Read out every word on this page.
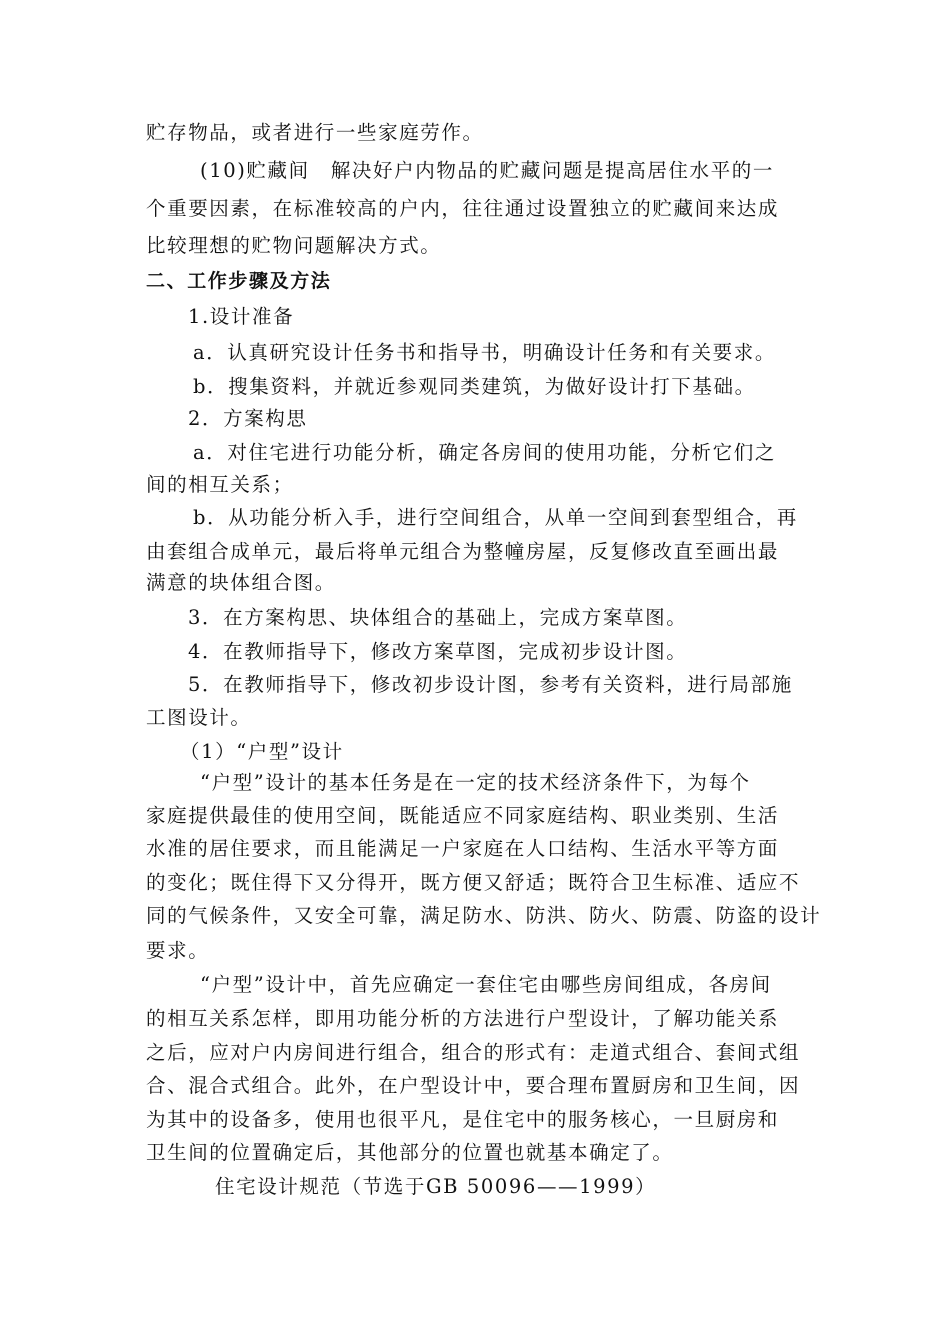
贮存物品，或者进行一些家庭劳作。
(10)贮藏间　解决好户内物品的贮藏问题是提高居住水平的一
个重要因素，在标准较高的户内，往往通过设置独立的贮藏间来达成
比较理想的贮物问题解决方式。
二、工作步骤及方法
1.设计准备
a．认真研究设计任务书和指导书，明确设计任务和有关要求。
b．搜集资料，并就近参观同类建筑，为做好设计打下基础。
2．方案构思
a．对住宅进行功能分析，确定各房间的使用功能，分析它们之
间的相互关系；
b．从功能分析入手，进行空间组合，从单一空间到套型组合，再
由套组合成单元，最后将单元组合为整幢房屋，反复修改直至画出最
满意的块体组合图。
3．在方案构思、块体组合的基础上，完成方案草图。
4．在教师指导下，修改方案草图，完成初步设计图。
5．在教师指导下，修改初步设计图，参考有关资料，进行局部施
工图设计。
（1）“户型”设计
“户型”设计的基本任务是在一定的技术经济条件下，为每个
家庭提供最佳的使用空间，既能适应不同家庭结构、职业类别、生活
水准的居住要求，而且能满足一户家庭在人口结构、生活水平等方面
的变化；既住得下又分得开，既方便又舒适；既符合卫生标准、适应不
同的气候条件，又安全可靠，满足防水、防洪、防火、防震、防盗的设计
要求。
“户型”设计中，首先应确定一套住宅由哪些房间组成，各房间
的相互关系怎样，即用功能分析的方法进行户型设计，了解功能关系
之后，应对户内房间进行组合，组合的形式有：走道式组合、套间式组
合、混合式组合。此外，在户型设计中，要合理布置厨房和卫生间，因
为其中的设备多，使用也很平凡，是住宅中的服务核心，一旦厨房和
卫生间的位置确定后，其他部分的位置也就基本确定了。
住宅设计规范（节选于GB 50096——1999）
